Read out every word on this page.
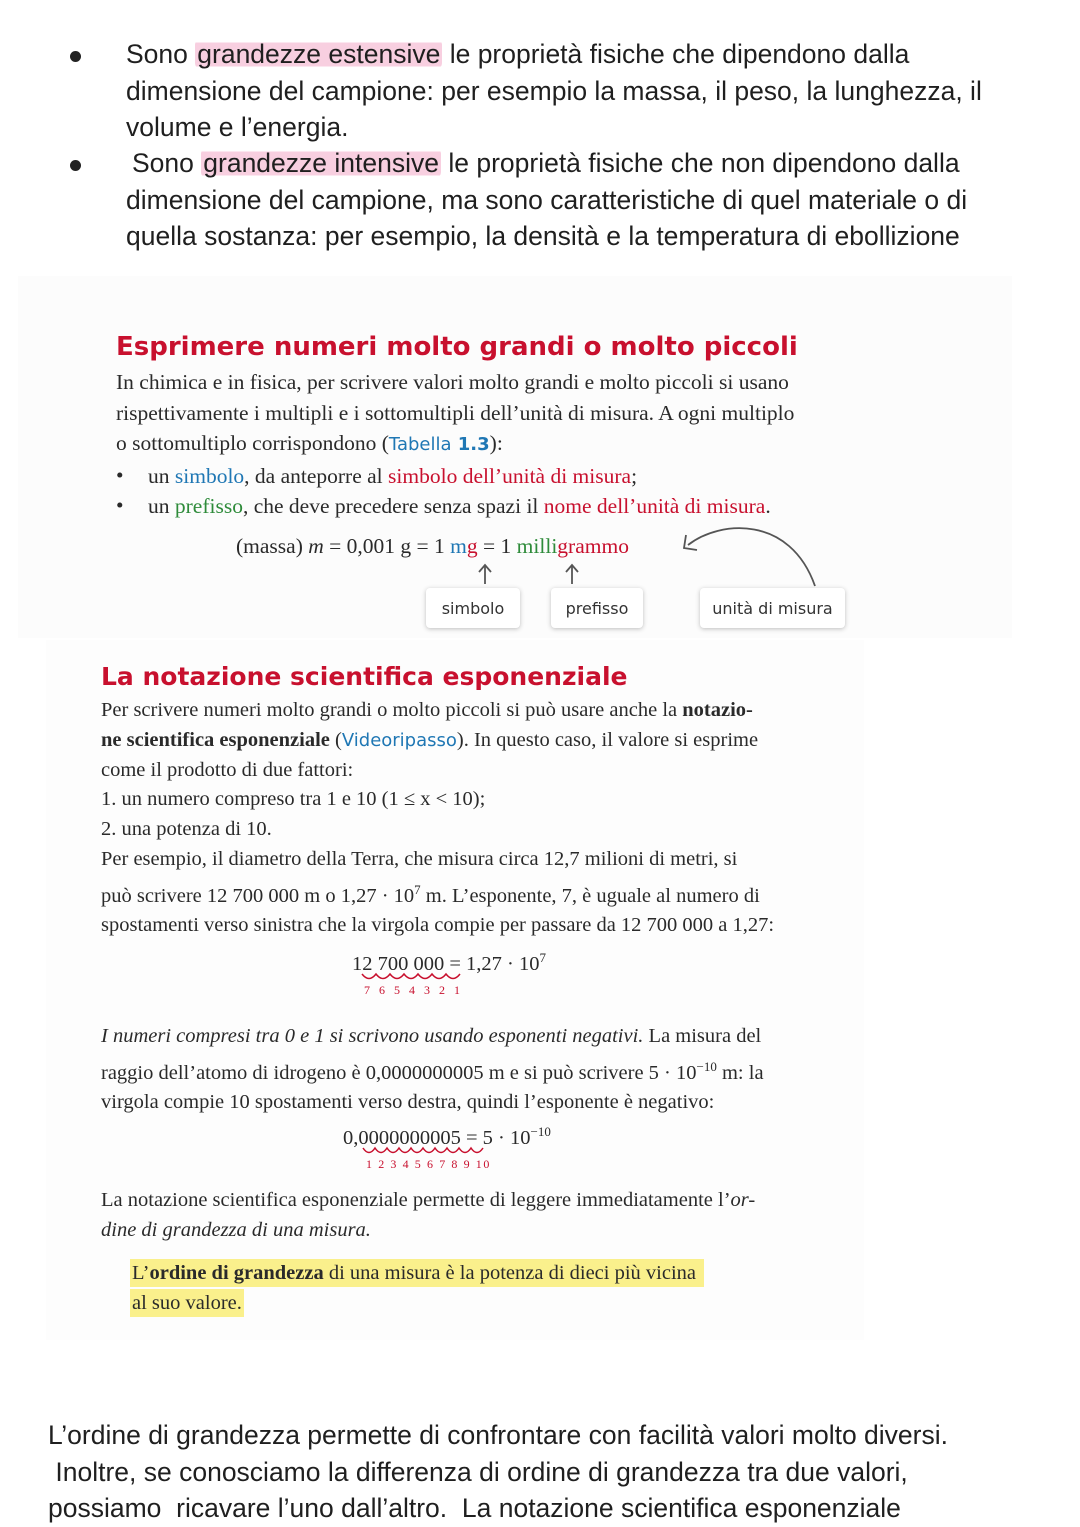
Sono grandezze estensive le proprietà fisiche che dipendono dalla
dimensione del campione: per esempio la massa, il peso, la lunghezza, il
volume e l’energia.
Sono grandezze intensive le proprietà fisiche che non dipendono dalla
dimensione del campione, ma sono caratteristiche di quel materiale o di
quella sostanza: per esempio, la densità e la temperatura di ebollizione
Esprimere numeri molto grandi o molto piccoli
In chimica e in fisica, per scrivere valori molto grandi e molto piccoli si usano
rispettivamente i multipli e i sottomultipli dell’unità di misura. A ogni multiplo
o sottomultiplo corrispondono (Tabella 1.3):
• un simbolo, da anteporre al simbolo dell’unità di misura;
• un prefisso, che deve precedere senza spazi il nome dell’unità di misura.
(massa) m = 0,001 g = 1 mg = 1 milligrammo
simbolo	prefisso	unità di misura
La notazione scientifica esponenziale
Per scrivere numeri molto grandi o molto piccoli si può usare anche la notazio-
ne scientifica esponenziale (Videoripasso). In questo caso, il valore si esprime
come il prodotto di due fattori:
1. un numero compreso tra 1 e 10 (1 ≤ x < 10);
2. una potenza di 10.
Per esempio, il diametro della Terra, che misura circa 12,7 milioni di metri, si
può scrivere 12 700 000 m o $1,27 \cdot 10^7$ m. L’esponente, 7, è uguale al numero di
spostamenti verso sinistra che la virgola compie per passare da 12 700 000 a 1,27:
12 700 $000 = 1,27 \cdot 10^7$
7 6 5 4 3 2 1
I numeri compresi tra 0 e 1 si scrivono usando esponenti negativi. La misura del
raggio dell’atomo di idrogeno è 0,0000000005 m e si può scrivere $5 \cdot 10^{-10}$ m: la
virgola compie 10 spostamenti verso destra, quindi l’esponente è negativo:
$0,0000000005 = 5 \cdot 10^{-10}$
1 2 3 4 5 6 7 8 9 10
La notazione scientifica esponenziale permette di leggere immediatamente l’or-
dine di grandezza di una misura.
L’ordine di grandezza di una misura è la potenza di dieci più vicina
al suo valore.
L’ordine di grandezza permette di confrontare con facilità valori molto diversi.
Inoltre, se conosciamo la differenza di ordine di grandezza tra due valori,
possiamo  ricavare l’uno dall’altro.  La notazione scientifica esponenziale
